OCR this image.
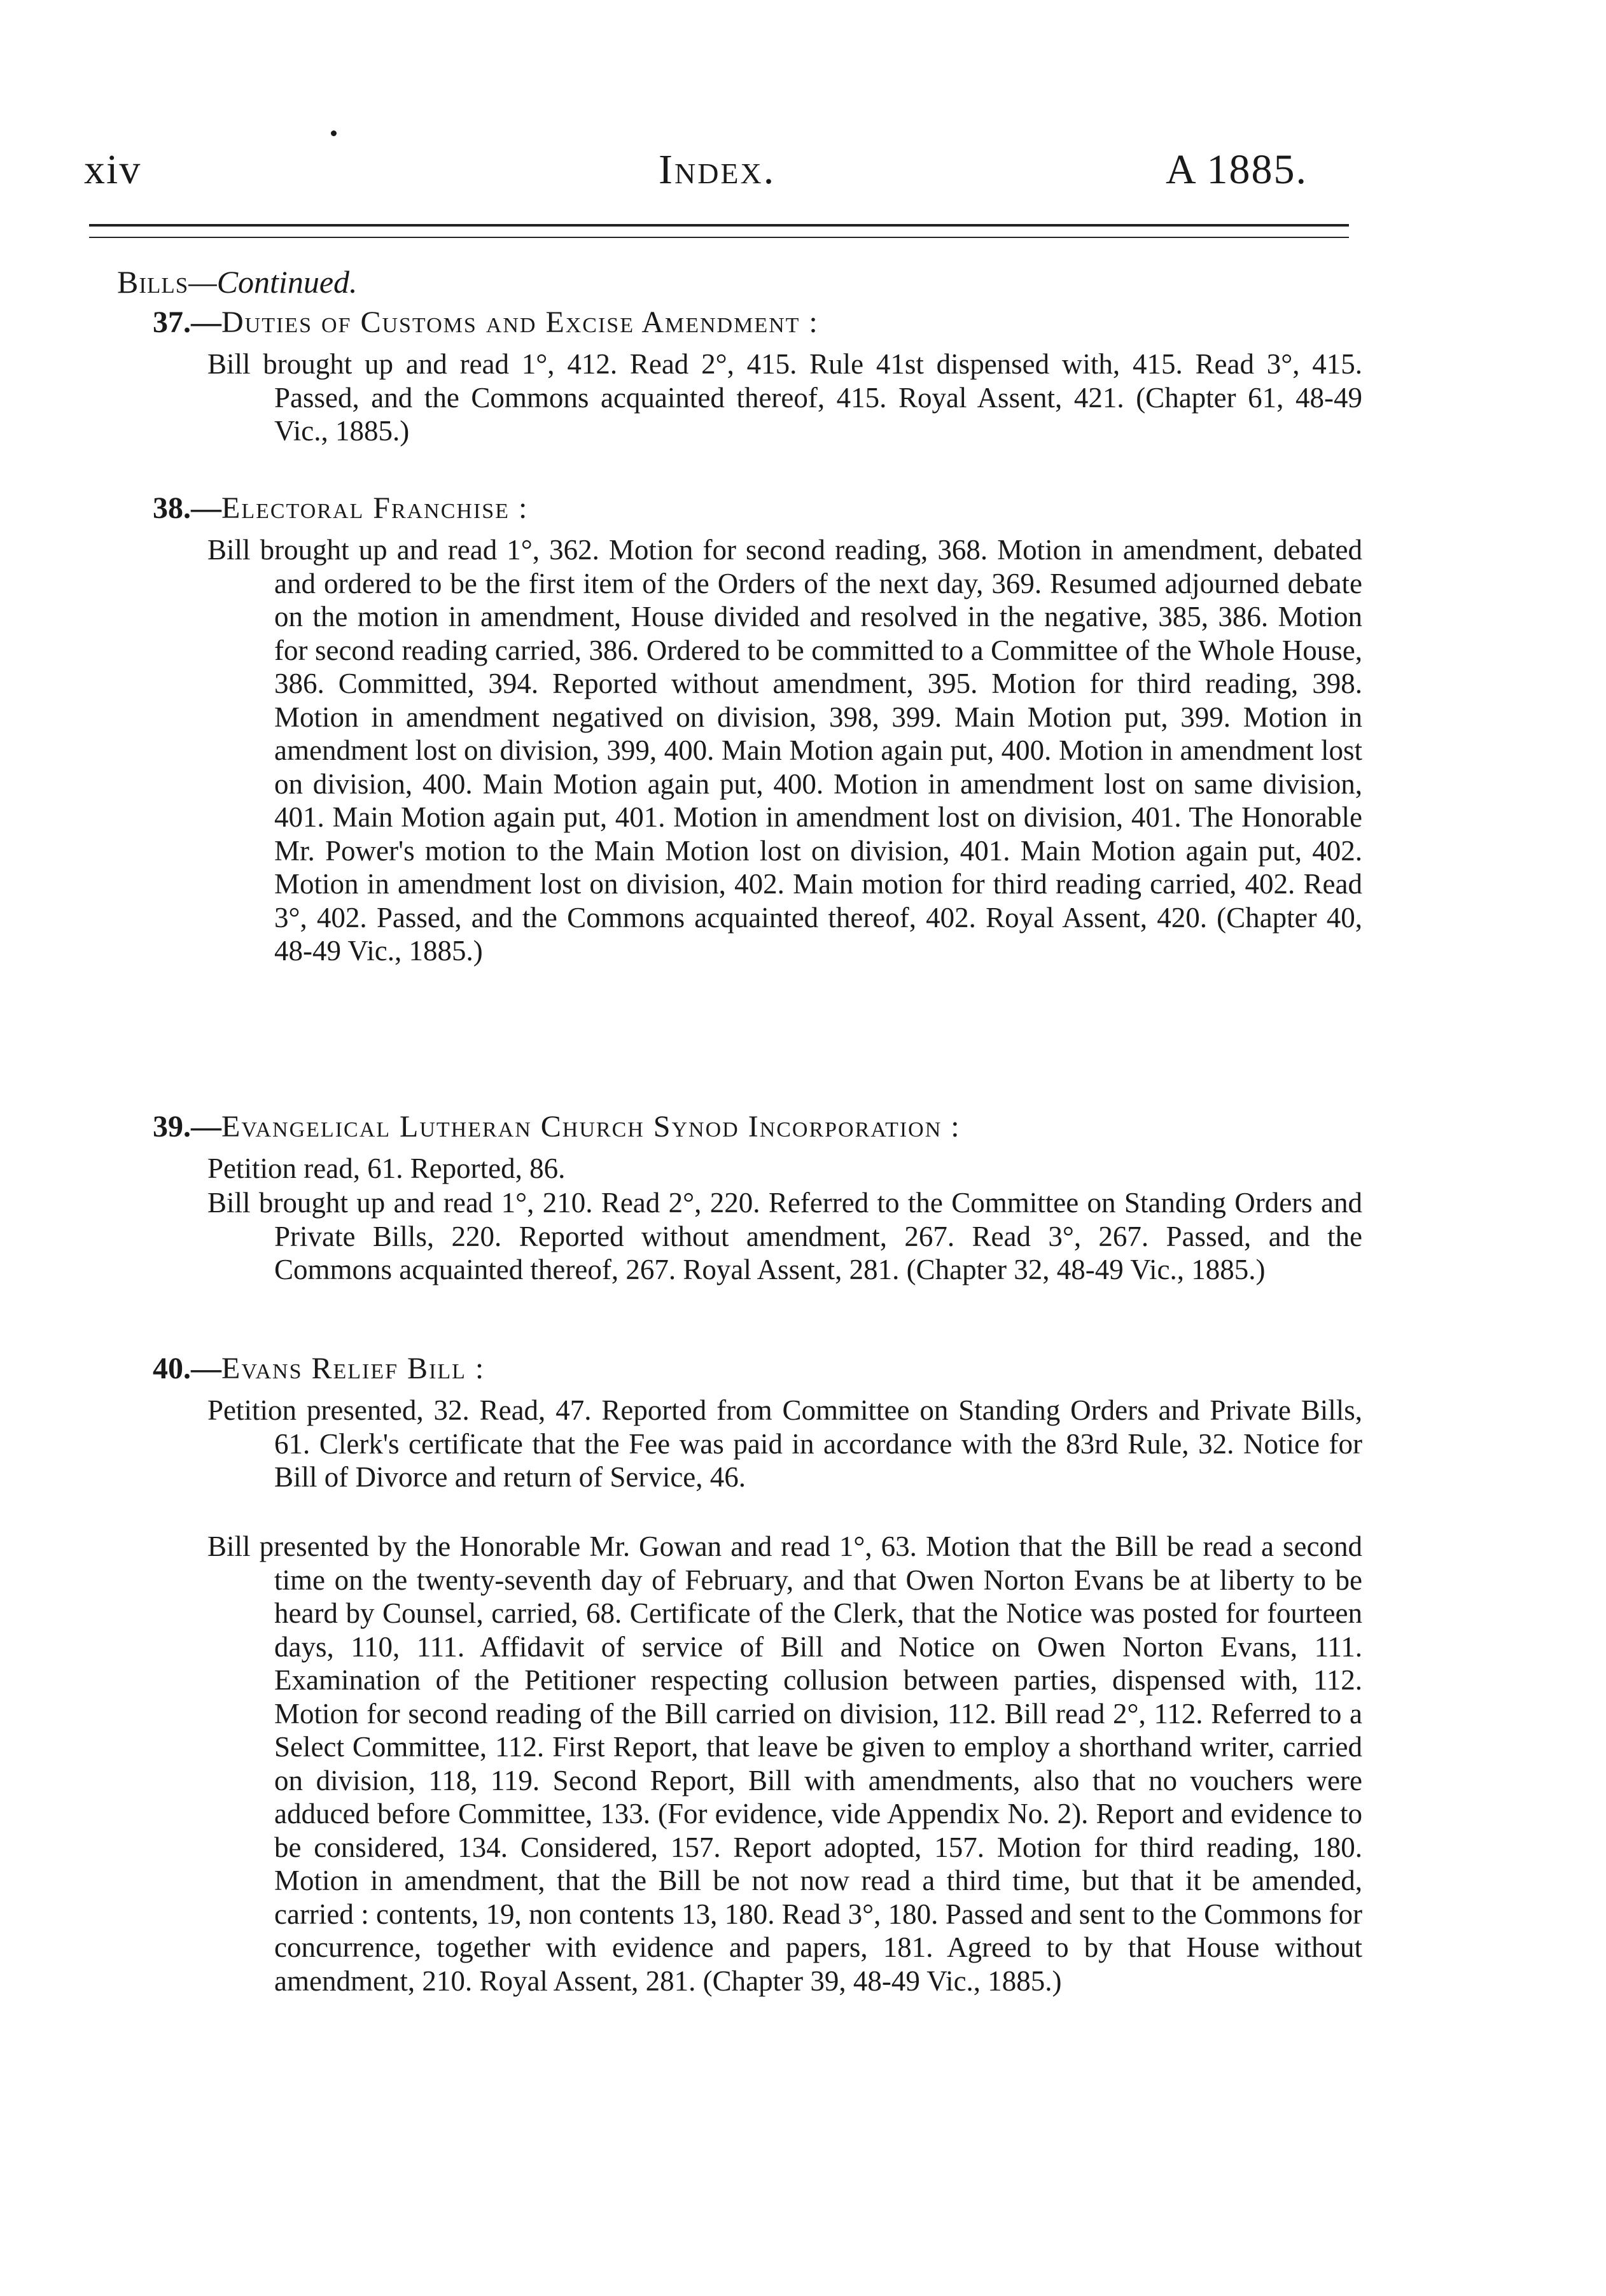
xiv	Index.	A 1885.
Bills—Continued.
37.—Duties of Customs and Excise Amendment :

Bill brought up and read 1°, 412. Read 2°, 415. Rule 41st dispensed with, 415. Read 3°, 415. Passed, and the Commons acquainted thereof, 415. Royal Assent, 421. (Chapter 61, 48-49 Vic., 1885.)

38.—Electoral Franchise :

Bill brought up and read 1°, 362. Motion for second reading, 368. Motion in amendment, debated and ordered to be the first item of the Orders of the next day, 369. Resumed adjourned debate on the motion in amendment, House divided and resolved in the negative, 385, 386. Motion for second reading carried, 386. Ordered to be committed to a Committee of the Whole House, 386. Committed, 394. Reported without amendment, 395. Motion for third reading, 398. Motion in amendment negatived on division, 398, 399. Main Motion put, 399. Motion in amendment lost on division, 399, 400. Main Motion again put, 400. Motion in amendment lost on division, 400. Main Motion again put, 400. Motion in amendment lost on same division, 401. Main Motion again put, 401. Motion in amendment lost on division, 401. The Honorable Mr. Power's motion to the Main Motion lost on division, 401. Main Motion again put, 402. Motion in amendment lost on division, 402. Main motion for third reading carried, 402. Read 3°, 402. Passed, and the Commons acquainted thereof, 402. Royal Assent, 420. (Chapter 40, 48-49 Vic., 1885.)

39.—Evangelical Lutheran Church Synod Incorporation :

Petition read, 61. Reported, 86.

Bill brought up and read 1°, 210. Read 2°, 220. Referred to the Committee on Standing Orders and Private Bills, 220. Reported without amendment, 267. Read 3°, 267. Passed, and the Commons acquainted thereof, 267. Royal Assent, 281. (Chapter 32, 48-49 Vic., 1885.)

40.—Evans Relief Bill :

Petition presented, 32. Read, 47. Reported from Committee on Standing Orders and Private Bills, 61. Clerk's certificate that the Fee was paid in accordance with the 83rd Rule, 32. Notice for Bill of Divorce and return of Service, 46.

Bill presented by the Honorable Mr. Gowan and read 1°, 63. Motion that the Bill be read a second time on the twenty-seventh day of February, and that Owen Norton Evans be at liberty to be heard by Counsel, carried, 68. Certificate of the Clerk, that the Notice was posted for fourteen days, 110, 111. Affidavit of service of Bill and Notice on Owen Norton Evans, 111. Examination of the Petitioner respecting collusion between parties, dispensed with, 112. Motion for second reading of the Bill carried on division, 112. Bill read 2°, 112. Referred to a Select Committee, 112. First Report, that leave be given to employ a shorthand writer, carried on division, 118, 119. Second Report, Bill with amendments, also that no vouchers were adduced before Committee, 133. (For evidence, vide Appendix No. 2). Report and evidence to be considered, 134. Considered, 157. Report adopted, 157. Motion for third reading, 180. Motion in amendment, that the Bill be not now read a third time, but that it be amended, carried : contents, 19, non contents 13, 180. Read 3°, 180. Passed and sent to the Commons for concurrence, together with evidence and papers, 181. Agreed to by that House without amendment, 210. Royal Assent, 281. (Chapter 39, 48-49 Vic., 1885.)
